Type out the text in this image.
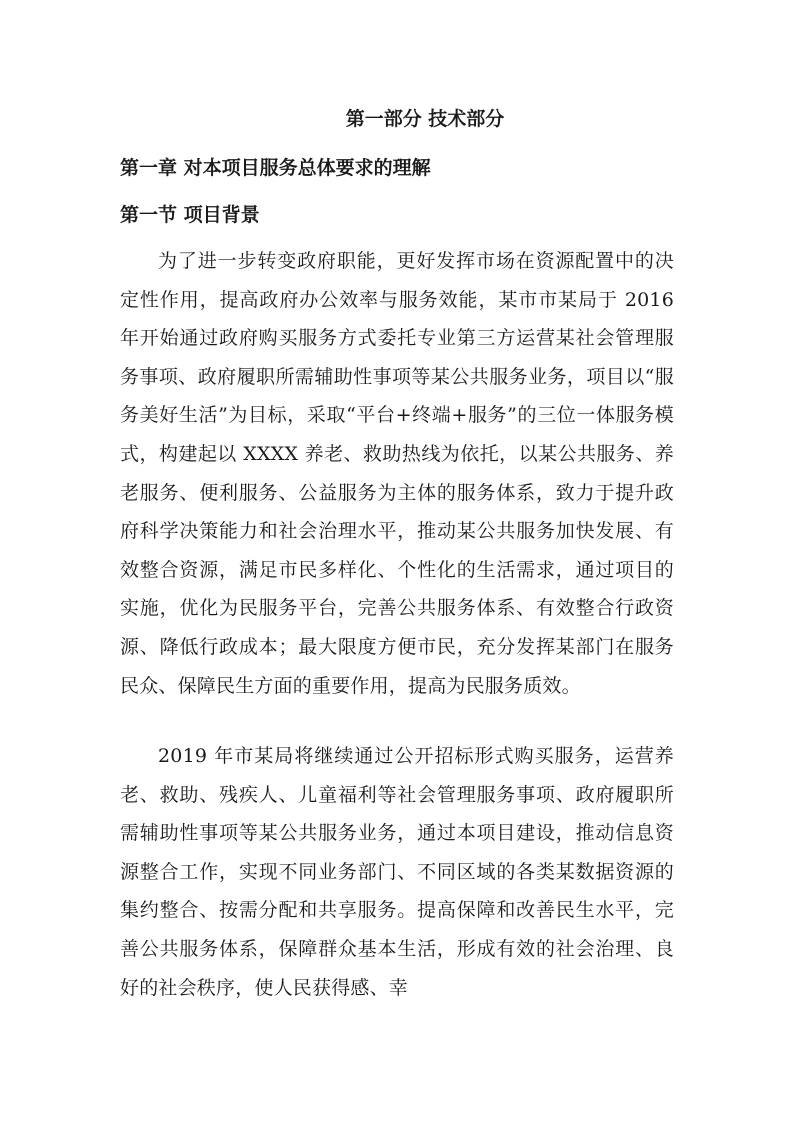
第一部分 技术部分
第一章 对本项目服务总体要求的理解
第一节 项目背景

为了进一步转变政府职能，更好发挥市场在资源配置中的决定性作用，提高政府办公效率与服务效能，某市市某局于 2016 年开始通过政府购买服务方式委托专业第三方运营某社会管理服务事项、政府履职所需辅助性事项等某公共服务业务，项目以“服务美好生活”为目标，采取“平台+终端+服务”的三位一体服务模式，构建起以 XXXX 养老、救助热线为依托，以某公共服务、养老服务、便利服务、公益服务为主体的服务体系，致力于提升政府科学决策能力和社会治理水平，推动某公共服务加快发展、有效整合资源，满足市民多样化、个性化的生活需求，通过项目的实施，优化为民服务平台，完善公共服务体系、有效整合行政资源、降低行政成本；最大限度方便市民，充分发挥某部门在服务民众、保障民生方面的重要作用，提高为民服务质效。

2019 年市某局将继续通过公开招标形式购买服务，运营养老、救助、残疾人、儿童福利等社会管理服务事项、政府履职所需辅助性事项等某公共服务业务，通过本项目建设，推动信息资源整合工作，实现不同业务部门、不同区域的各类某数据资源的集约整合、按需分配和共享服务。提高保障和改善民生水平，完善公共服务体系，保障群众基本生活，形成有效的社会治理、良好的社会秩序，使人民获得感、幸
